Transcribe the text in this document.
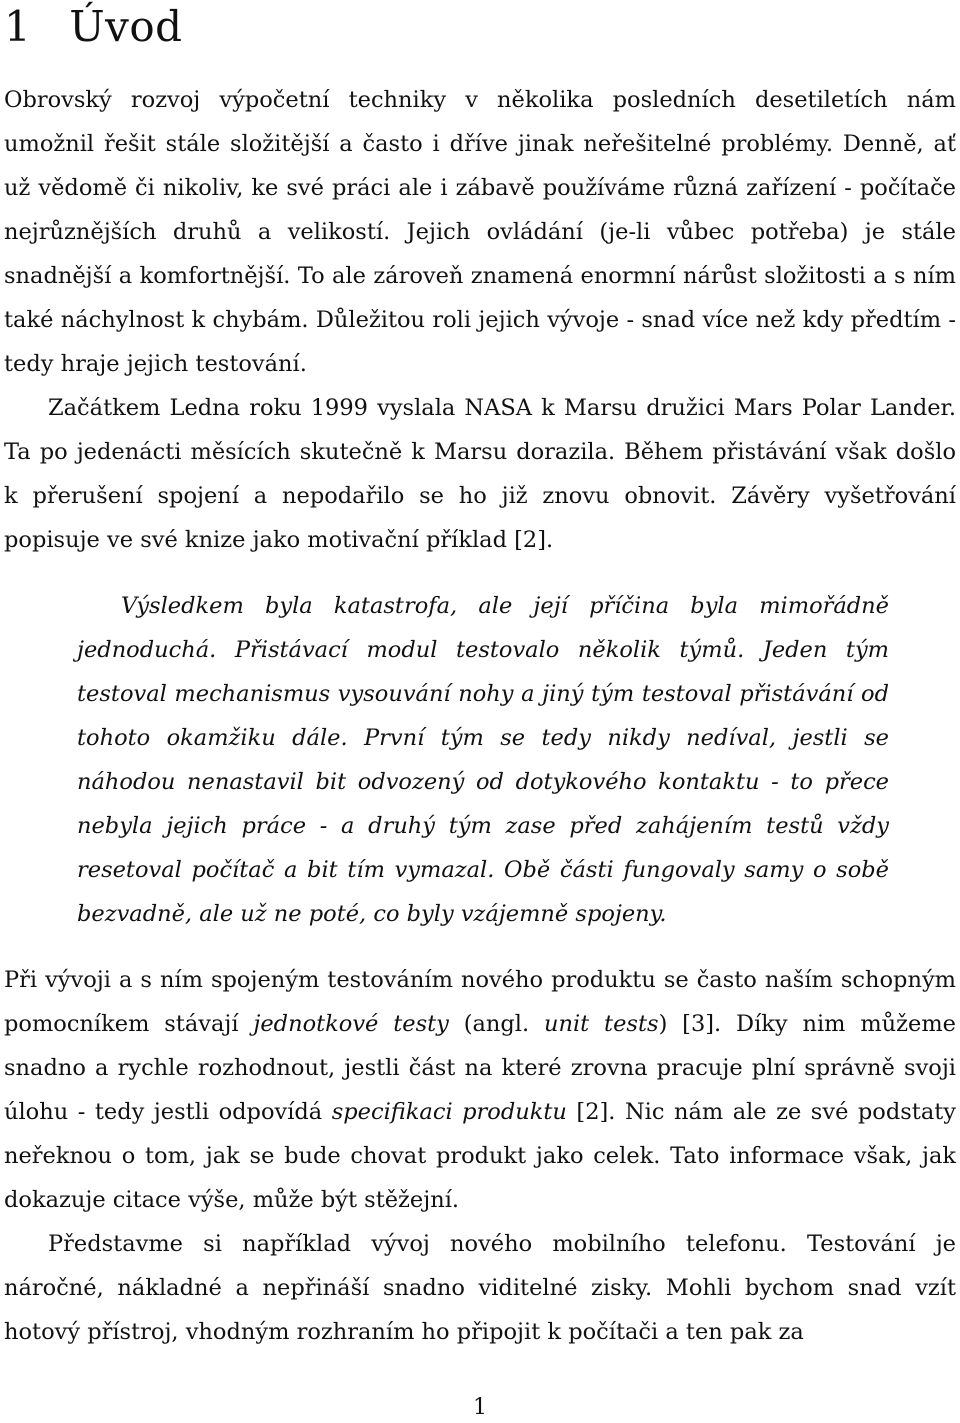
1 Úvod

Obrovský rozvoj výpočetní techniky v několika posledních desetiletích nám umožnil řešit stále složitější a často i dříve jinak neřešitelné problémy. Denně, ať už vědomě či nikoliv, ke své práci ale i zábavě používáme různá zařízení - počítače nejrůznějších druhů a velikostí. Jejich ovládání (je-li vůbec potřeba) je stále snadnější a komfortnější. To ale zároveň znamená enormní nárůst složitosti a s ním také náchylnost k chybám. Důležitou roli jejich vývoje - snad více než kdy předtím - tedy hraje jejich testování.

Začátkem Ledna roku 1999 vyslala NASA k Marsu družici Mars Polar Lander. Ta po jedenácti měsících skutečně k Marsu dorazila. Během přistávání však došlo k přerušení spojení a nepodařilo se ho již znovu obnovit. Závěry vyšetřování popisuje ve své knize jako motivační příklad [2].

Výsledkem byla katastrofa, ale její příčina byla mimořádně jednoduchá. Přistávací modul testovalo několik týmů. Jeden tým testoval mechanismus vysouvání nohy a jiný tým testoval přistávání od tohoto okamžiku dále. První tým se tedy nikdy nedíval, jestli se náhodou nenastavil bit odvozený od dotykového kontaktu - to přece nebyla jejich práce - a druhý tým zase před zahájením testů vždy resetoval počítač a bit tím vymazal. Obě části fungovaly samy o sobě bezvadně, ale už ne poté, co byly vzájemně spojeny.

Při vývoji a s ním spojeným testováním nového produktu se často naším schopným pomocníkem stávají jednotkové testy (angl. unit tests) [3]. Díky nim můžeme snadno a rychle rozhodnout, jestli část na které zrovna pracuje plní správně svoji úlohu - tedy jestli odpovídá specifikaci produktu [2]. Nic nám ale ze své podstaty neřeknou o tom, jak se bude chovat produkt jako celek. Tato informace však, jak dokazuje citace výše, může být stěžejní.

Představme si například vývoj nového mobilního telefonu. Testování je náročné, nákladné a nepřináší snadno viditelné zisky. Mohli bychom snad vzít hotový přístroj, vhodným rozhraním ho připojit k počítači a ten pak za

1
